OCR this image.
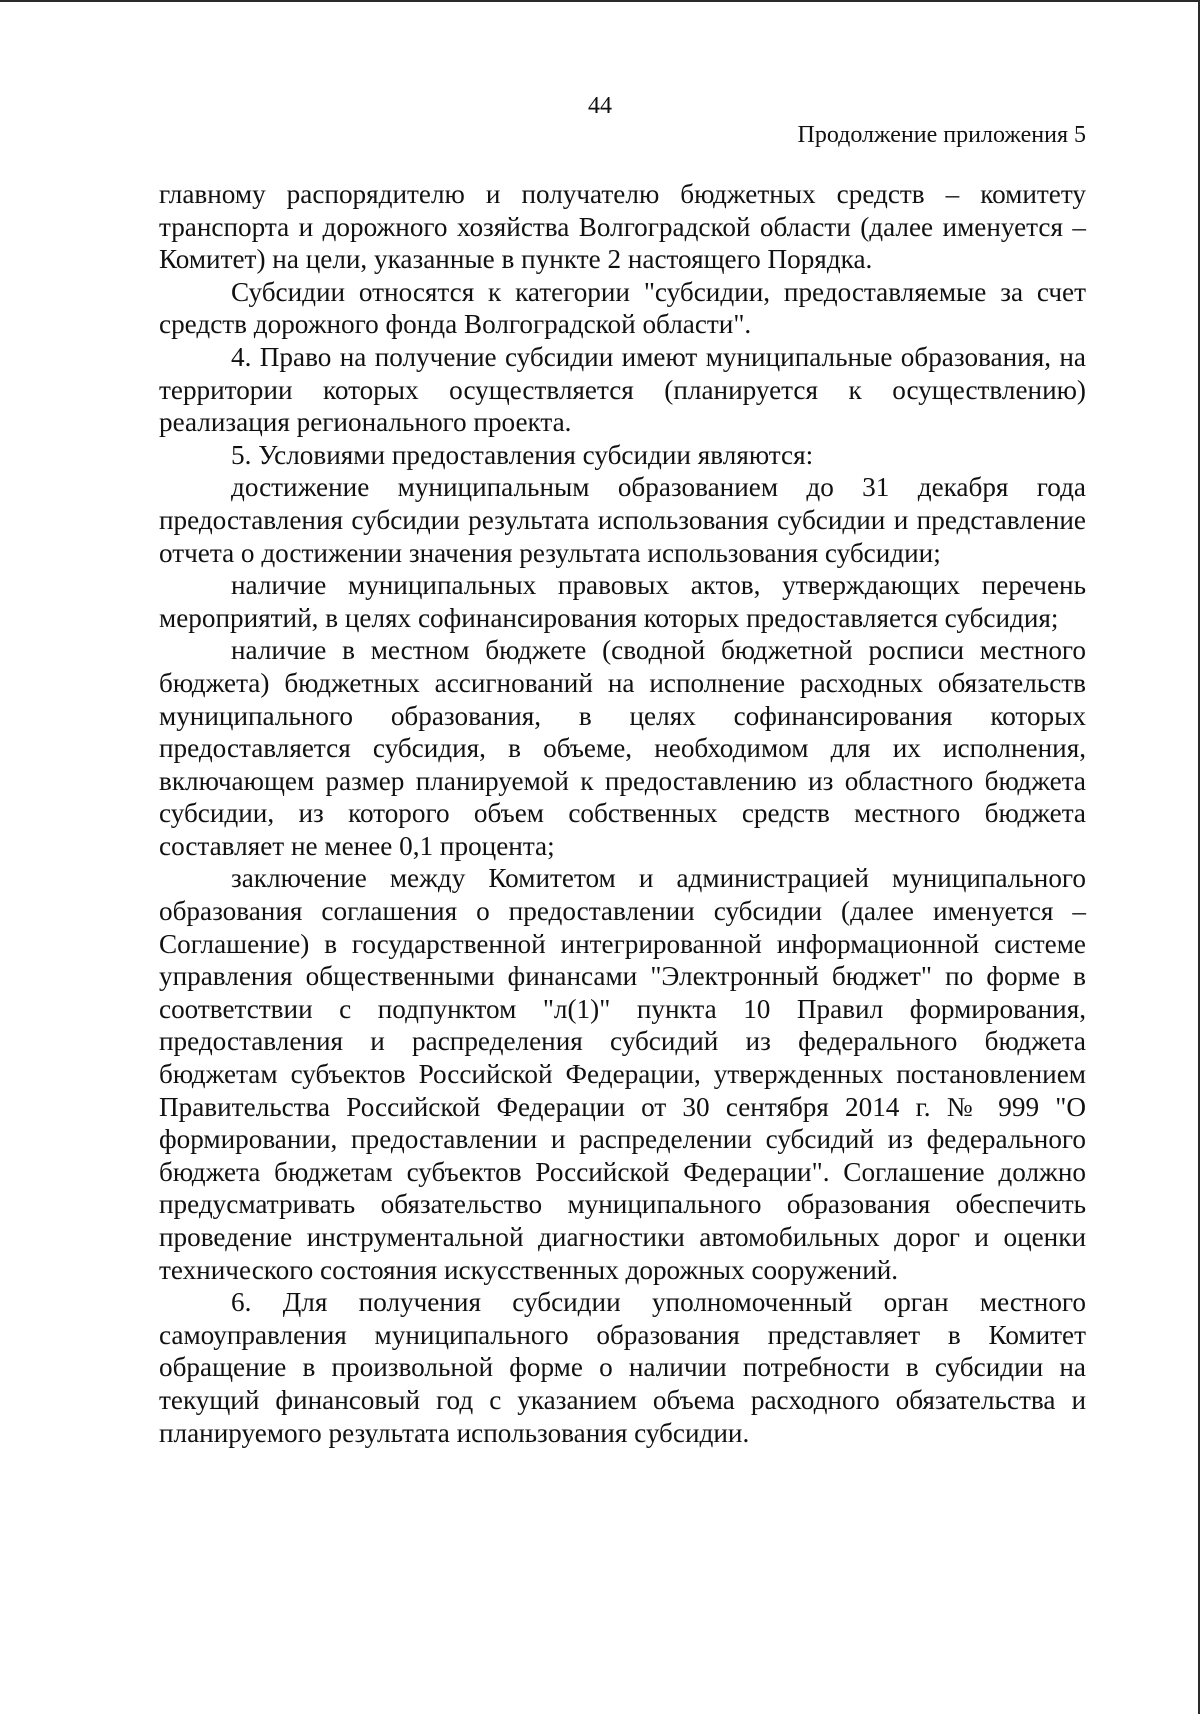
44
Продолжение приложения 5

главному распорядителю и получателю бюджетных средств – комитету транспорта и дорожного хозяйства Волгоградской области (далее именуется – Комитет) на цели, указанные в пункте 2 настоящего Порядка.

Субсидии относятся к категории "субсидии, предоставляемые за счет средств дорожного фонда Волгоградской области".

4. Право на получение субсидии имеют муниципальные образования, на территории которых осуществляется (планируется к осуществлению) реализация регионального проекта.

5. Условиями предоставления субсидии являются:

достижение муниципальным образованием до 31 декабря года предоставления субсидии результата использования субсидии и представление отчета о достижении значения результата использования субсидии;

наличие муниципальных правовых актов, утверждающих перечень мероприятий, в целях софинансирования которых предоставляется субсидия;

наличие в местном бюджете (сводной бюджетной росписи местного бюджета) бюджетных ассигнований на исполнение расходных обязательств муниципального образования, в целях софинансирования которых предоставляется субсидия, в объеме, необходимом для их исполнения, включающем размер планируемой к предоставлению из областного бюджета субсидии, из которого объем собственных средств местного бюджета составляет не менее 0,1 процента;

заключение между Комитетом и администрацией муниципального образования соглашения о предоставлении субсидии (далее именуется – Соглашение) в государственной интегрированной информационной системе управления общественными финансами "Электронный бюджет" по форме в соответствии с подпунктом "л(1)" пункта 10 Правил формирования, предоставления и распределения субсидий из федерального бюджета бюджетам субъектов Российской Федерации, утвержденных постановлением Правительства Российской Федерации от 30 сентября 2014 г. № 999 "О формировании, предоставлении и распределении субсидий из федерального бюджета бюджетам субъектов Российской Федерации". Соглашение должно предусматривать обязательство муниципального образования обеспечить проведение инструментальной диагностики автомобильных дорог и оценки технического состояния искусственных дорожных сооружений.

6. Для получения субсидии уполномоченный орган местного самоуправления муниципального образования представляет в Комитет обращение в произвольной форме о наличии потребности в субсидии на текущий финансовый год с указанием объема расходного обязательства и планируемого результата использования субсидии.
